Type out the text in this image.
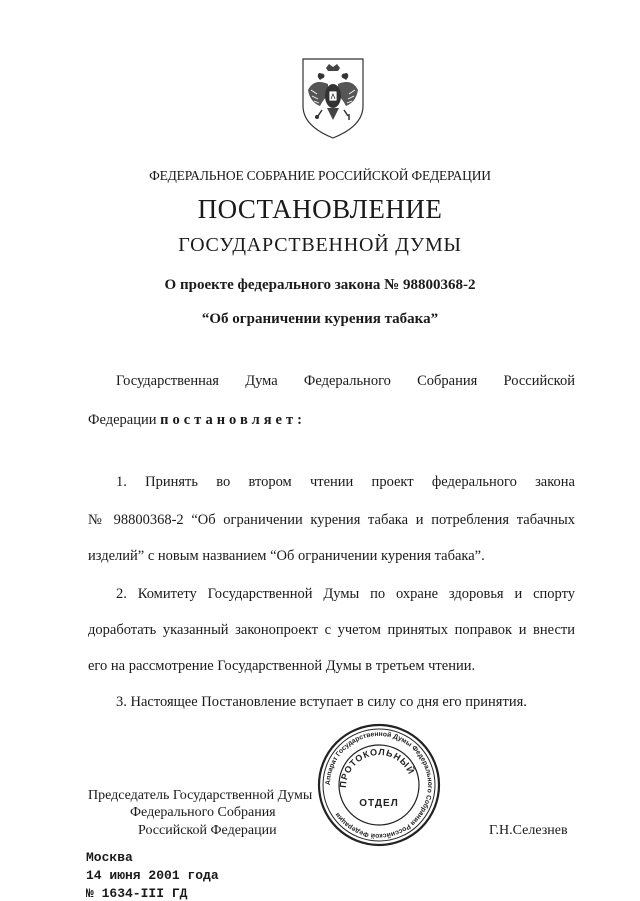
ФЕДЕРАЛЬНОЕ СОБРАНИЕ РОССИЙСКОЙ ФЕДЕРАЦИИ
ПОСТАНОВЛЕНИЕ
ГОСУДАРСТВЕННОЙ ДУМЫ
О проекте федерального закона № 98800368-2
“Об ограничении курения табака”
Государственная Дума Федерального Собрания Российской
Федерации постановляет:
1. Принять во втором чтении проект федерального закона
№ 98800368-2 “Об ограничении курения табака и потребления табачных
изделий” с новым названием “Об ограничении курения табака”.
2. Комитету Государственной Думы по охране здоровья и спорту
доработать указанный законопроект с учетом принятых поправок и внести
его на рассмотрение Государственной Думы в третьем чтении.
3. Настоящее Постановление вступает в силу со дня его принятия.
Председатель Государственной Думы
Федерального Собрания
Российской Федерации	Г.Н.Селезнев
Аппарат Государственной Думы Федерального Собрания Российской Федерации
ПРОТОКОЛЬНЫЙ
ОТДЕЛ
Москва
14 июня 2001 года
№ 1634-III ГД
